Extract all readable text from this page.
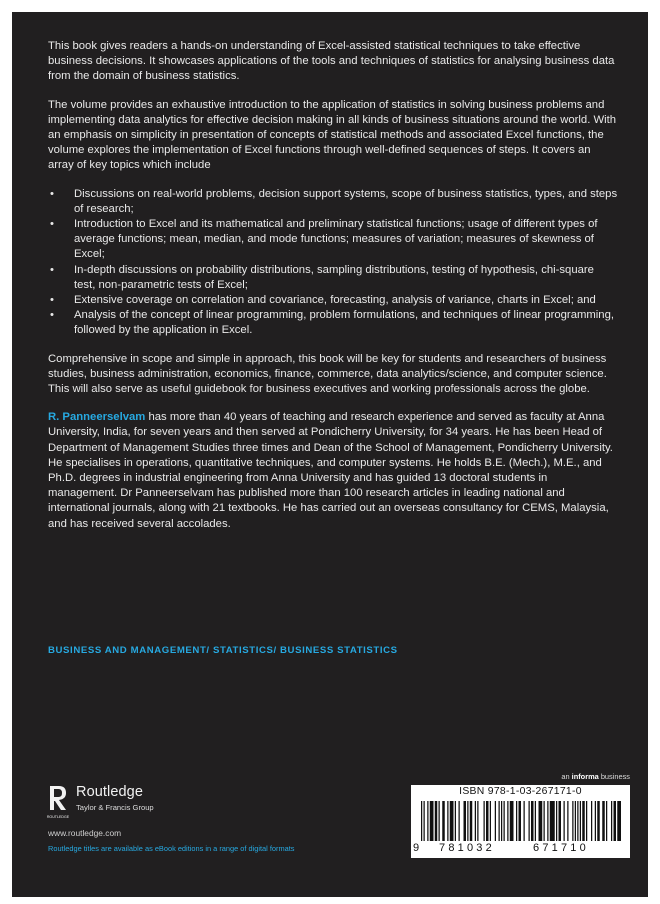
This book gives readers a hands-on understanding of Excel-assisted statistical techniques to take effective business decisions. It showcases applications of the tools and techniques of statistics for analysing business data from the domain of business statistics.

The volume provides an exhaustive introduction to the application of statistics in solving business problems and implementing data analytics for effective decision making in all kinds of business situations around the world. With an emphasis on simplicity in presentation of concepts of statistical methods and associated Excel functions, the volume explores the implementation of Excel functions through well-defined sequences of steps. It covers an array of key topics which include

• Discussions on real-world problems, decision support systems, scope of business statistics, types, and steps of research;
• Introduction to Excel and its mathematical and preliminary statistical functions; usage of different types of average functions; mean, median, and mode functions; measures of variation; measures of skewness of Excel;
• In-depth discussions on probability distributions, sampling distributions, testing of hypothesis, chi-square test, non-parametric tests of Excel;
• Extensive coverage on correlation and covariance, forecasting, analysis of variance, charts in Excel; and
• Analysis of the concept of linear programming, problem formulations, and techniques of linear programming, followed by the application in Excel.

Comprehensive in scope and simple in approach, this book will be key for students and researchers of business studies, business administration, economics, finance, commerce, data analytics/science, and computer science. This will also serve as useful guidebook for business executives and working professionals across the globe.

R. Panneerselvam has more than 40 years of teaching and research experience and served as faculty at Anna University, India, for seven years and then served at Pondicherry University, for 34 years. He has been Head of Department of Management Studies three times and Dean of the School of Management, Pondicherry University. He specialises in operations, quantitative techniques, and computer systems. He holds B.E. (Mech.), M.E., and Ph.D. degrees in industrial engineering from Anna University and has guided 13 doctoral students in management. Dr Panneerselvam has published more than 100 research articles in leading national and international journals, along with 21 textbooks. He has carried out an overseas consultancy for CEMS, Malaysia, and has received several accolades.

BUSINESS AND MANAGEMENT/ STATISTICS/ BUSINESS STATISTICS
an informa business
ROUTLEDGE
Routledge
Taylor & Francis Group
www.routledge.com
Routledge titles are available as eBook editions in a range of digital formats
ISBN 978-1-03-267171-0
9 781032	671710
